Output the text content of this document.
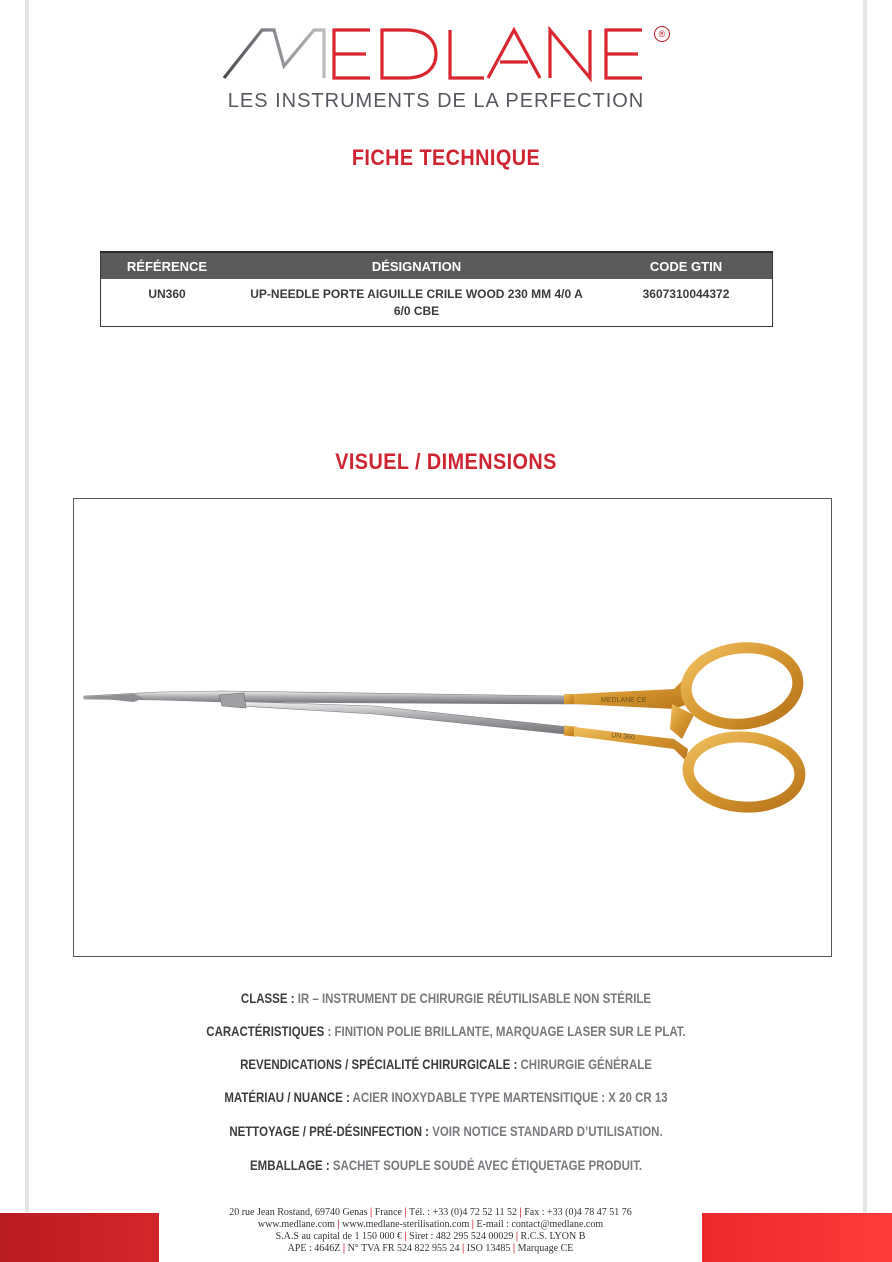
®
LES INSTRUMENTS DE LA PERFECTION
FICHE TECHNIQUE
RÉFÉRENCE	DÉSIGNATION	CODE GTIN
UN360	UP-NEEDLE PORTE AIGUILLE CRILE WOOD 230 MM 4/0 A 6/0 CBE	3607310044372
VISUEL / DIMENSIONS
MEDLANE CE
UN 360
CLASSE : IR – INSTRUMENT DE CHIRURGIE RÉUTILISABLE NON STÉRILE
CARACTÉRISTIQUES : FINITION POLIE BRILLANTE, MARQUAGE LASER SUR LE PLAT.
REVENDICATIONS / SPÉCIALITÉ CHIRURGICALE : CHIRURGIE GÉNÉRALE
MATÉRIAU / NUANCE : ACIER INOXYDABLE TYPE MARTENSITIQUE : X 20 CR 13
NETTOYAGE / PRÉ-DÉSINFECTION : VOIR NOTICE STANDARD D’UTILISATION.
EMBALLAGE : SACHET SOUPLE SOUDÉ AVEC ÉTIQUETAGE PRODUIT.
20 rue Jean Rostand, 69740 Genas | France | Tél. : +33 (0)4 72 52 11 52 | Fax : +33 (0)4 78 47 51 76
www.medlane.com | www.medlane-sterilisation.com | E-mail : contact@medlane.com
S.A.S au capital de 1 150 000 € | Siret : 482 295 524 00029 | R.C.S. LYON B
APE : 4646Z | N° TVA FR 524 822 955 24 | ISO 13485 | Marquage CE
